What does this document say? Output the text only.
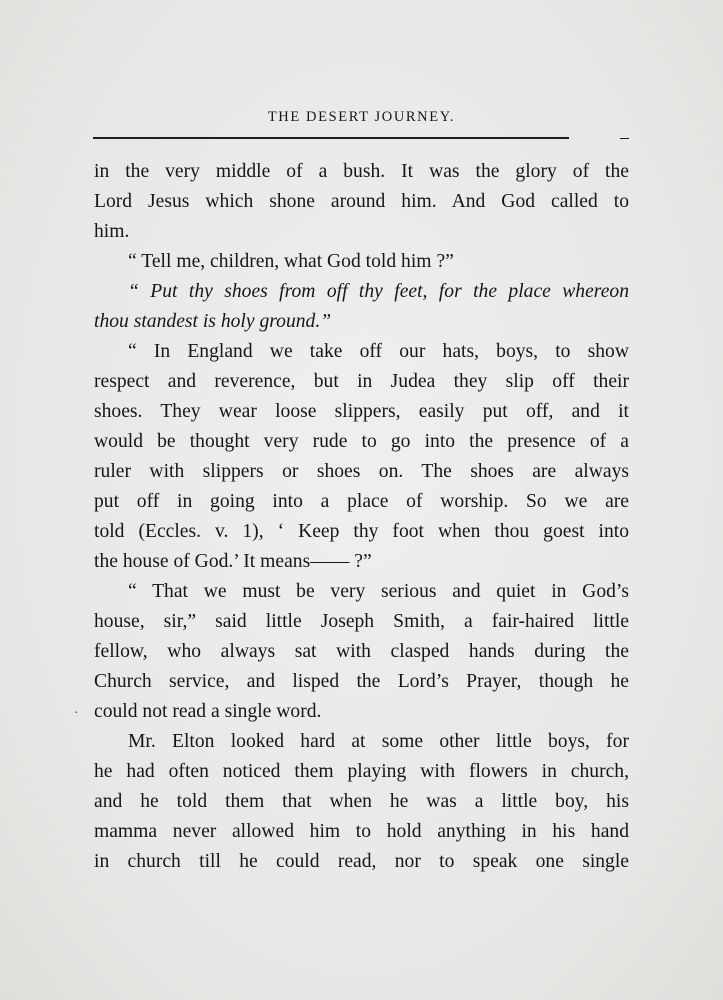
THE DESERT JOURNEY.
·
in the very middle of a bush. It was the glory of the
Lord Jesus which shone around him. And God called to
him.
“ Tell me, children, what God told him ?”
“ Put thy shoes from off thy feet, for the place whereon
thou standest is holy ground.”
“ In England we take off our hats, boys, to show
respect and reverence, but in Judea they slip off their
shoes. They wear loose slippers, easily put off, and it
would be thought very rude to go into the presence of a
ruler with slippers or shoes on. The shoes are always
put off in going into a place of worship. So we are
told (Eccles. v. 1), ‘ Keep thy foot when thou goest into
the house of God.’ It means—— ?”
“ That we must be very serious and quiet in God’s
house, sir,” said little Joseph Smith, a fair-haired little
fellow, who always sat with clasped hands during the
Church service, and lisped the Lord’s Prayer, though he
could not read a single word.
Mr. Elton looked hard at some other little boys, for
he had often noticed them playing with flowers in church,
and he told them that when he was a little boy, his
mamma never allowed him to hold anything in his hand
in church till he could read, nor to speak one single
